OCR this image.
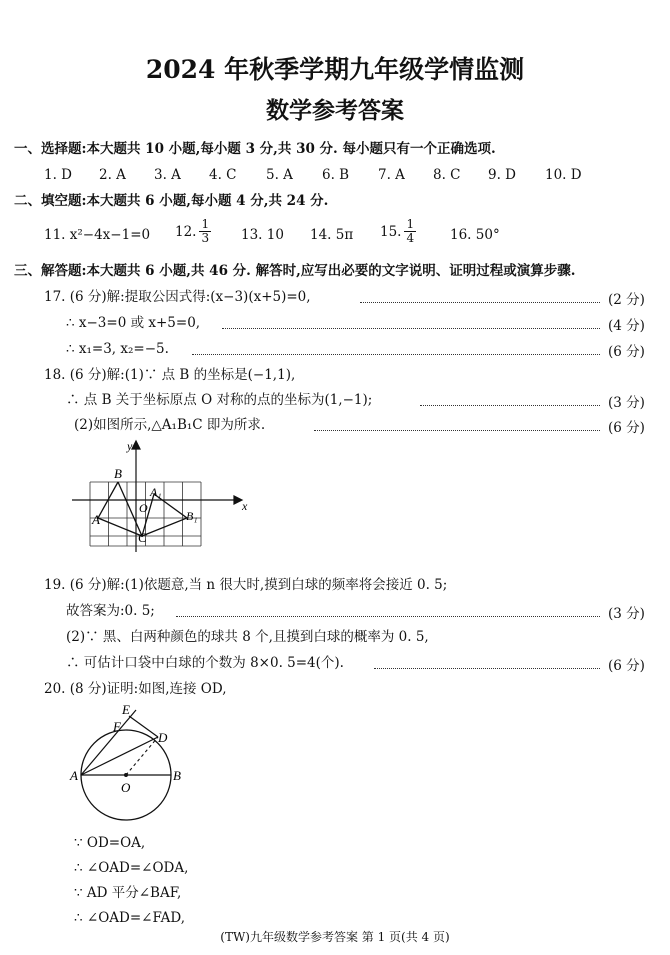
2024 年秋季学期九年级学情监测
数学参考答案
一、选择题:本大题共 10 小题,每小题 3 分,共 30 分. 每小题只有一个正确选项.
1. D 2. A 3. A 4. C 5. A 6. B 7. A 8. C 9. D 10. D
二、填空题:本大题共 6 小题,每小题 4 分,共 24 分.
11. x²−4x−1=0 12. $\frac{1}{3} 13$. 10 14. 5π 15. $\frac{1}{4}$	16. 50°
三、解答题:本大题共 6 小题,共 46 分. 解答时,应写出必要的文字说明、证明过程或演算步骤.
17. (6 分)解:提取公因式得:(x−3)(x+5)=0,	(2 分)
∴ x−3=0 或 x+5=0,	(4 分)
∴ x₁=3, x₂=−5.	(6 分)
18. (6 分)解:(1)∵ 点 B 的坐标是(−1,1),
∴ 点 B 关于坐标原点 O 对称的点的坐标为(1,−1);	(3 分)
(2)如图所示,△A₁B₁C 即为所求.	(6 分)
y
x
B
A₁
O
A	B₁
C
19. (6 分)解:(1)依题意,当 n 很大时,摸到白球的频率将会接近 0. 5;
故答案为:0. 5;	(3 分)
(2)∵ 黑、白两种颜色的球共 8 个,且摸到白球的概率为 0. 5,
∴ 可估计口袋中白球的个数为 8×0. 5=4(个).	(6 分)
20. (8 分)证明:如图,连接 OD,
E
F
D
A	B
O
∵ OD=OA,
∴ ∠OAD=∠ODA,
∵ AD 平分∠BAF,
∴ ∠OAD=∠FAD,
(TW)九年级数学参考答案 第 1 页(共 4 页)
